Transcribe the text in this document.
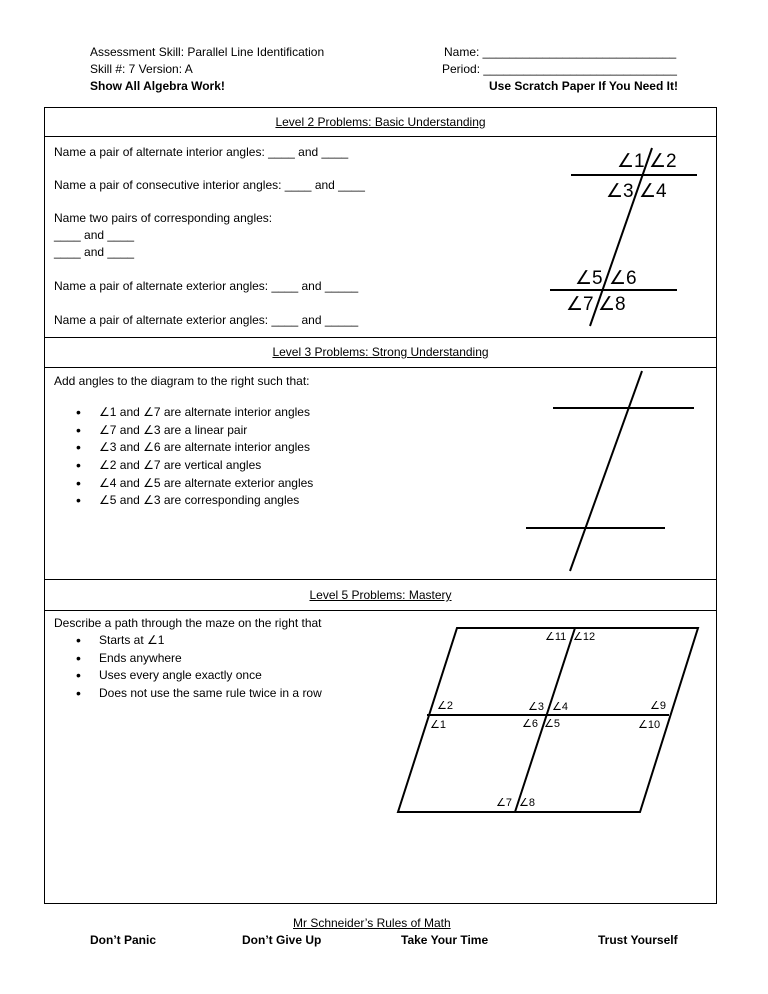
Assessment Skill: Parallel Line Identification
Skill #: 7 Version: A
Show All Algebra Work!
Name: _____________________________
Period: _____________________________
Use Scratch Paper If You Need It!
Level 2 Problems: Basic Understanding
Name a pair of alternate interior angles: ____ and ____
Name a pair of consecutive interior angles: ____ and ____
Name two pairs of corresponding angles:
____ and ____
____ and ____
Name a pair of alternate exterior angles: ____ and _____
Name a pair of alternate exterior angles: ____ and _____
∠1 ∠2
∠3 ∠4
∠5 ∠6
∠7 ∠8
Level 3 Problems: Strong Understanding
Add angles to the diagram to the right such that:
• ∠1 and ∠7 are alternate interior angles
• ∠7 and ∠3 are a linear pair
• ∠3 and ∠6 are alternate interior angles
• ∠2 and ∠7 are vertical angles
• ∠4 and ∠5 are alternate exterior angles
• ∠5 and ∠3 are corresponding angles
Level 5 Problems: Mastery
Describe a path through the maze on the right that
• Starts at ∠1
• Ends anywhere
• Uses every angle exactly once
• Does not use the same rule twice in a row
∠11 ∠12
∠2
∠1
∠3 ∠4
∠6 ∠5
∠9
∠10
∠7 ∠8
Mr Schneider’s Rules of Math
Don’t Panic	Don’t Give Up	Take Your Time	Trust Yourself
